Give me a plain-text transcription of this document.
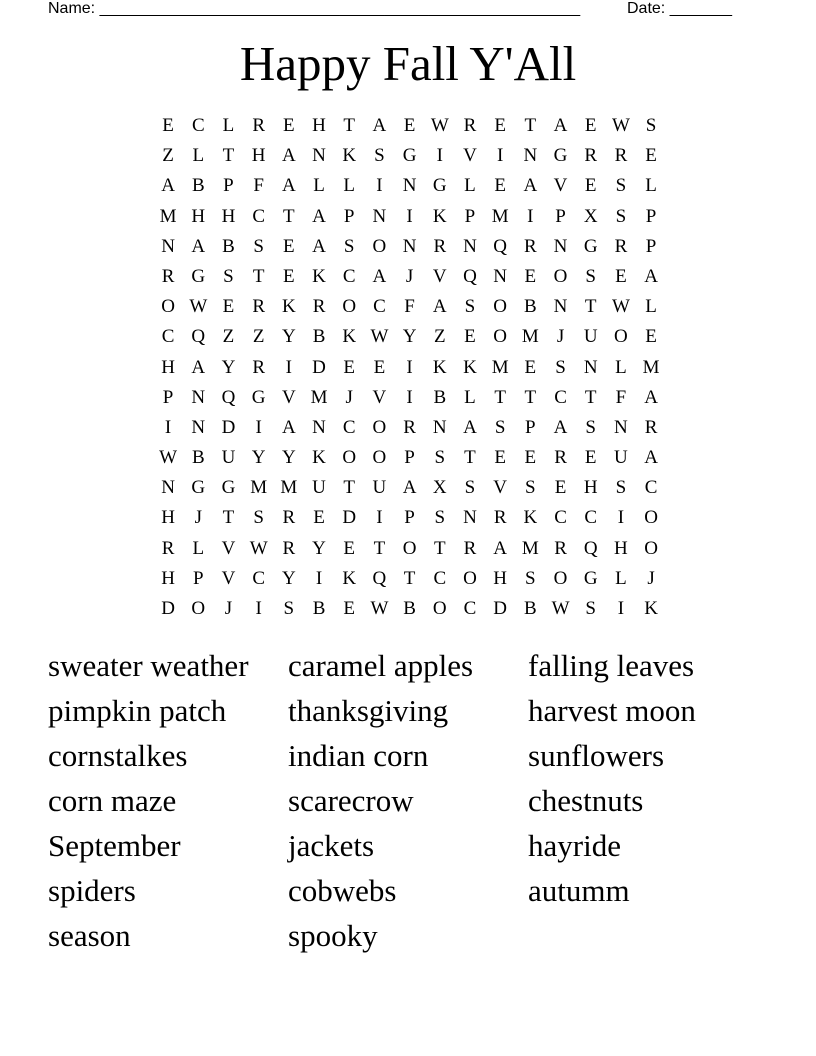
Name: ______________________________________________________	Date: _______
Happy Fall Y'All
E C L R E H T A E W R E T A E W S
Z L T H A N K S G	I	V	I	N G R R E
A B P	F A L L	I	N G L E A V E	S	L
M H H C T A P N	I	K P M I	P X S	P
N A B S	E A S O N R N Q R N G R P
R G S	T E K C A	J	V Q N E O S	E A
O W E R K R O C F A S O B N T W L
C Q Z Z Y B K W Y Z E O M J	U O E
H A Y R	I	D E E	I	K K M E	S N L M
P N Q G V M J	V	I	B L T T C T	F A
I	N D	I	A N C O R N A S	P A S N R
W B U Y Y K O O P	S	T E E R E U A
N G G M M U T U A X S V S	E H S C
H	J	T	S R E D	I	P	S N R K C C	I	O
R L V W R Y E T O T R A M R Q H O
H P V C Y	I	K Q T C O H S O G L	J
D O	J	I	S B E W B O C D B W S	I	K
sweater weather	caramel apples	falling leaves
pimpkin patch	thanksgiving	harvest moon
cornstalkes	indian corn	sunflowers
corn maze	scarecrow	chestnuts
September	jackets	hayride
spiders	cobwebs	autumm
season	spooky
